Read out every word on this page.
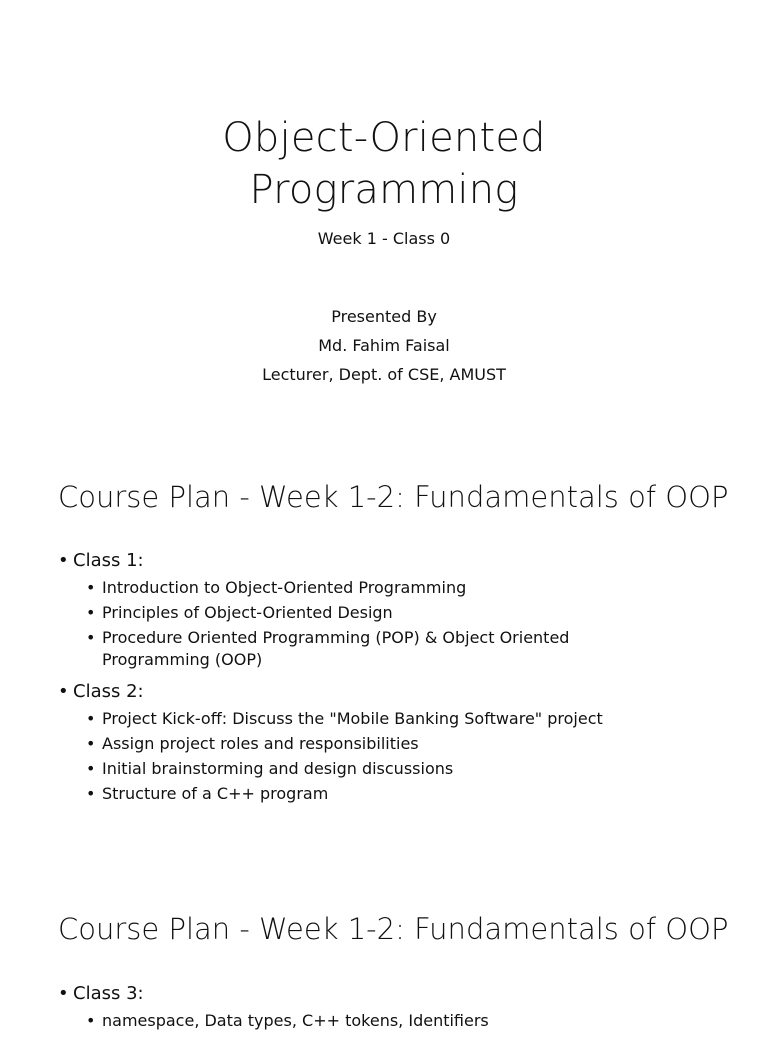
Object-Oriented
Programming
Week 1 - Class 0
Presented By
Md. Fahim Faisal
Lecturer, Dept. of CSE, AMUST
Course Plan - Week 1-2: Fundamentals of OOP
• Class 1:
• Introduction to Object-Oriented Programming
• Principles of Object-Oriented Design
• Procedure Oriented Programming (POP) & Object Oriented Programming (OOP)
• Class 2:
• Project Kick-off: Discuss the "Mobile Banking Software" project
• Assign project roles and responsibilities
• Initial brainstorming and design discussions
• Structure of a C++ program
Course Plan - Week 1-2: Fundamentals of OOP
• Class 3:
• namespace, Data types, C++ tokens, Identifiers
